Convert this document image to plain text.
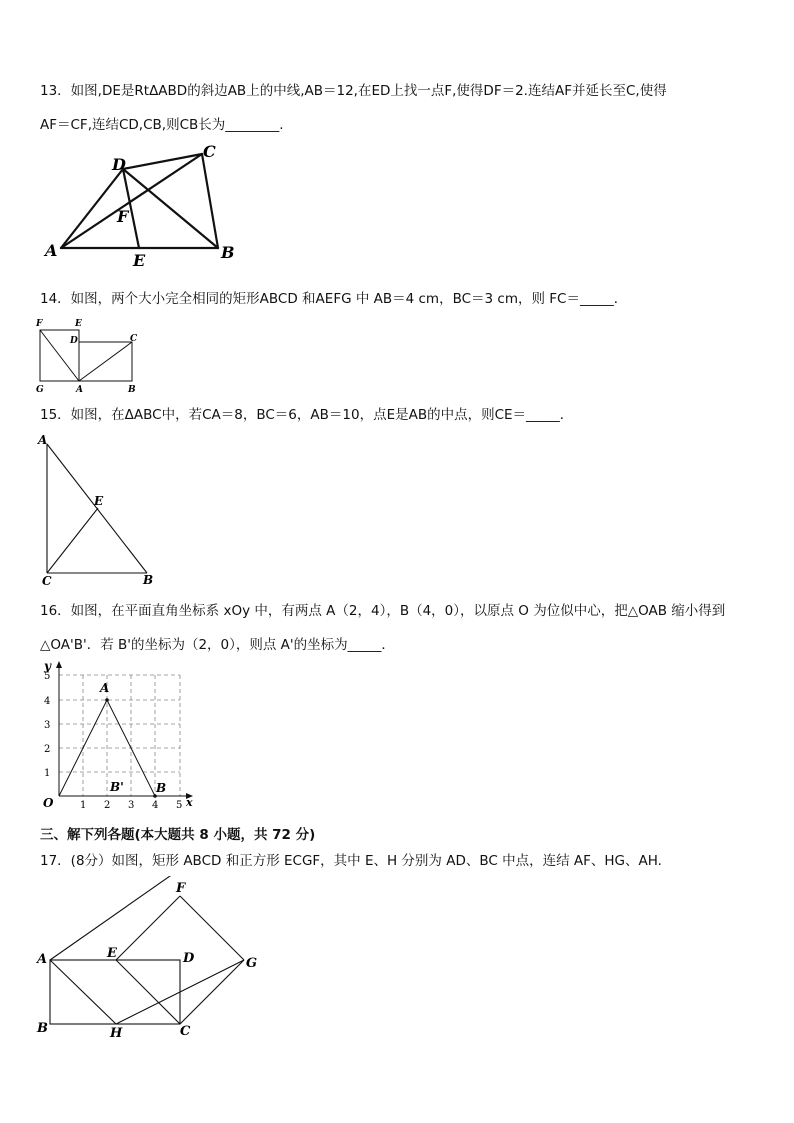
13．如图,DE是RtΔABD的斜边AB上的中线,AB＝12,在ED上找一点F,使得DF＝2.连结AF并延长至C,使得
AF＝CF,连结CD,CB,则CB长为________.
A	B
C
D
E
F
14．如图，两个大小完全相同的矩形ABCD 和AEFG 中 AB＝4 cm，BC＝3 cm，则 FC＝_____．
F	E
D	C
G	A	B
15．如图，在ΔABC中，若CA＝8，BC＝6，AB＝10，点E是AB的中点，则CE＝_____．
A
E
C	B
16．如图，在平面直角坐标系 xOy 中，有两点 A（2，4），B（4，0），以原点 O 为位似中心，把△OAB 缩小得到
△OA'B'．若 B'的坐标为（2，0），则点 A'的坐标为_____．
1
2
3
4
5
1 2 3 4 5
y
x
O
A
B
B'
三、解下列各题(本大题共 8 小题，共 72 分)
17．(8分）如图，矩形 ABCD 和正方形 ECGF，其中 E、H 分别为 AD、BC 中点，连结 AF、HG、AH.
F
A	E	D	G
B	H	C
